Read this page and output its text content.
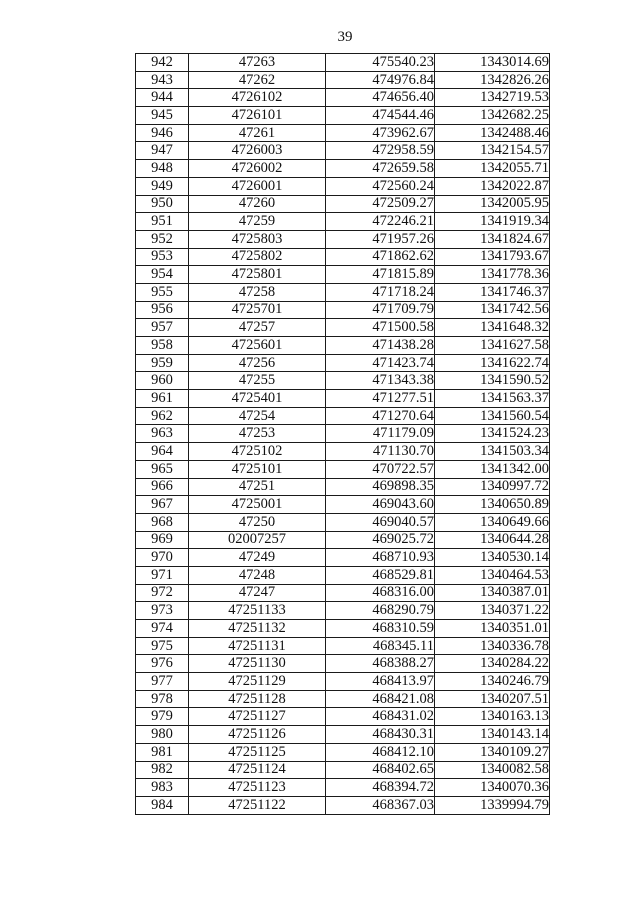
39
942	47263	475540.23	1343014.69
943	47262	474976.84	1342826.26
944	4726102	474656.40	1342719.53
945	4726101	474544.46	1342682.25
946	47261	473962.67	1342488.46
947	4726003	472958.59	1342154.57
948	4726002	472659.58	1342055.71
949	4726001	472560.24	1342022.87
950	47260	472509.27	1342005.95
951	47259	472246.21	1341919.34
952	4725803	471957.26	1341824.67
953	4725802	471862.62	1341793.67
954	4725801	471815.89	1341778.36
955	47258	471718.24	1341746.37
956	4725701	471709.79	1341742.56
957	47257	471500.58	1341648.32
958	4725601	471438.28	1341627.58
959	47256	471423.74	1341622.74
960	47255	471343.38	1341590.52
961	4725401	471277.51	1341563.37
962	47254	471270.64	1341560.54
963	47253	471179.09	1341524.23
964	4725102	471130.70	1341503.34
965	4725101	470722.57	1341342.00
966	47251	469898.35	1340997.72
967	4725001	469043.60	1340650.89
968	47250	469040.57	1340649.66
969	02007257	469025.72	1340644.28
970	47249	468710.93	1340530.14
971	47248	468529.81	1340464.53
972	47247	468316.00	1340387.01
973	47251133	468290.79	1340371.22
974	47251132	468310.59	1340351.01
975	47251131	468345.11	1340336.78
976	47251130	468388.27	1340284.22
977	47251129	468413.97	1340246.79
978	47251128	468421.08	1340207.51
979	47251127	468431.02	1340163.13
980	47251126	468430.31	1340143.14
981	47251125	468412.10	1340109.27
982	47251124	468402.65	1340082.58
983	47251123	468394.72	1340070.36
984	47251122	468367.03	1339994.79
